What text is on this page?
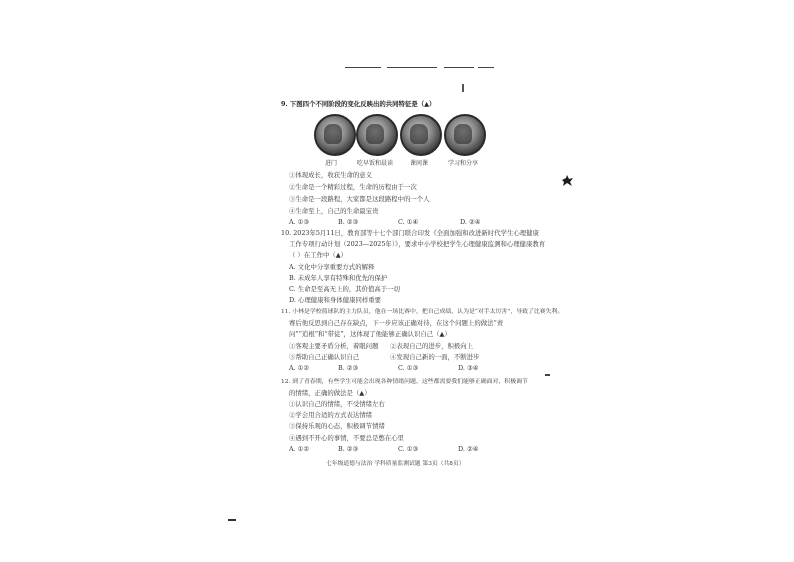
9. 下图四个不同阶段的变化反映出的共同特征是（▲）
进门	吃早饭和晨读	课间课	学习和分享
①体现成长，收获生命的意义
②生命是一个精彩过程，生命的历程由于一次
③生命是一段路程，大家都是这段路程中的一个人
④生命至上，自己的生命最宝贵
A. ①③	B. ②③	C. ①④	D. ②④
10. 2023年5月11日，教育部等十七个部门联合印发《全面加强和改进新时代学生心理健康
工作专项行动计划（2023—2025年）》，要求中小学校把学生心理健康监测和心理健康教育
（ ）在工作中（▲）
A. 文化中分享重要方式的解释
B. 未成年人享有特殊和优先的保护
C. 生命是至高无上的，其价值高于一切
D. 心理健康和身体健康同样重要
11. 小林是学校篮球队的主力队员，他在一场比赛中，把自己成绩，认为是“对手太厉害”，导致了比赛失利。
赛后他反思到自己存在缺点，下一步应该正确对待，在这个问题上的做法“责
问”“追根”和“带徒”，这体现了他能够正确认识自己（▲）
①客观主要矛盾分析，着眼问题 ②表现自己的进步，积极向上
③帮助自己正确认识自己	④发现自己新的一面，不断进步
A. ①②	B. ②③	C. ①③	D. ③④
12. 到了青春期，有些学生可能会出现各种情绪问题，这些都需要我们能够正确面对、积极调节
的情绪，正确的做法是（▲）
①认识自己的情绪，不受情绪左右
②学会用合适的方式表达情绪
③保持乐观的心态，积极调节情绪
④遇到不开心的事情，不要总是憋在心里
A. ①②	B. ②③	C. ①③	D. ②④
七年级道德与法治 学科质量监测试题 第3页（共8页）
